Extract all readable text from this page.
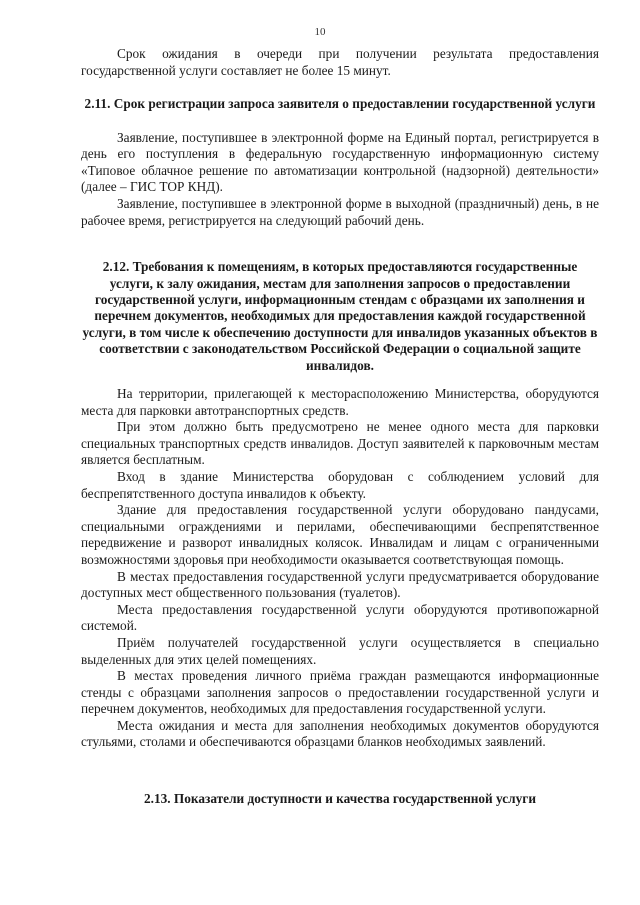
10

Срок ожидания в очереди при получении результата предоставления государственной услуги составляет не более 15 минут.

2.11. Срок регистрации запроса заявителя о предоставлении государственной услуги

Заявление, поступившее в электронной форме на Единый портал, регистрируется в день его поступления в федеральную государственную информационную систему «Типовое облачное решение по автоматизации контрольной (надзорной) деятельности» (далее – ГИС ТОР КНД).

Заявление, поступившее в электронной форме в выходной (праздничный) день, в не рабочее время, регистрируется на следующий рабочий день.

2.12. Требования к помещениям, в которых предоставляются государственные услуги, к залу ожидания, местам для заполнения запросов о предоставлении государственной услуги, информационным стендам с образцами их заполнения и перечнем документов, необходимых для предоставления каждой государственной услуги, в том числе к обеспечению доступности для инвалидов указанных объектов в соответствии с законодательством Российской Федерации о социальной защите инвалидов.

На территории, прилегающей к месторасположению Министерства, оборудуются места для парковки автотранспортных средств.

При этом должно быть предусмотрено не менее одного места для парковки специальных транспортных средств инвалидов. Доступ заявителей к парковочным местам является бесплатным.

Вход в здание Министерства оборудован с соблюдением условий для беспрепятственного доступа инвалидов к объекту.

Здание для предоставления государственной услуги оборудовано пандусами, специальными ограждениями и перилами, обеспечивающими беспрепятственное передвижение и разворот инвалидных колясок. Инвалидам и лицам с ограниченными возможностями здоровья при необходимости оказывается соответствующая помощь.

В местах предоставления государственной услуги предусматривается оборудование доступных мест общественного пользования (туалетов).

Места предоставления государственной услуги оборудуются противопожарной системой.

Приём получателей государственной услуги осуществляется в специально выделенных для этих целей помещениях.

В местах проведения личного приёма граждан размещаются информационные стенды с образцами заполнения запросов о предоставлении государственной услуги и перечнем документов, необходимых для предоставления государственной услуги.

Места ожидания и места для заполнения необходимых документов оборудуются стульями, столами и обеспечиваются образцами бланков необходимых заявлений.

2.13. Показатели доступности и качества государственной услуги
